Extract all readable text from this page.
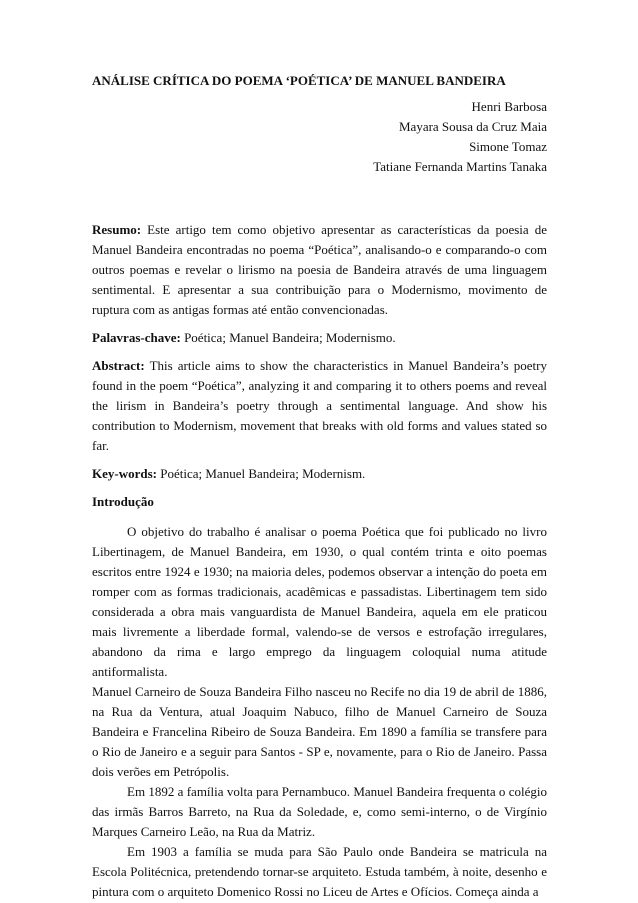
ANÁLISE CRÍTICA DO POEMA ‘POÉTICA’ DE MANUEL BANDEIRA
Henri Barbosa
Mayara Sousa da Cruz Maia
Simone Tomaz
Tatiane Fernanda Martins Tanaka

Resumo: Este artigo tem como objetivo apresentar as características da poesia de Manuel Bandeira encontradas no poema “Poética”, analisando-o e comparando-o com outros poemas e revelar o lirismo na poesia de Bandeira através de uma linguagem sentimental. E apresentar a sua contribuição para o Modernismo, movimento de ruptura com as antigas formas até então convencionadas.

Palavras-chave: Poética; Manuel Bandeira; Modernismo.

Abstract: This article aims to show the characteristics in Manuel Bandeira’s poetry found in the poem “Poética”, analyzing it and comparing it to others poems and reveal the lirism in Bandeira’s poetry through a sentimental language. And show his contribution to Modernism, movement that breaks with old forms and values stated so far.

Key-words: Poética; Manuel Bandeira; Modernism.

Introdução

O objetivo do trabalho é analisar o poema Poética que foi publicado no livro Libertinagem, de Manuel Bandeira, em 1930, o qual contém trinta e oito poemas escritos entre 1924 e 1930; na maioria deles, podemos observar a intenção do poeta em romper com as formas tradicionais, acadêmicas e passadistas. Libertinagem tem sido considerada a obra mais vanguardista de Manuel Bandeira, aquela em ele praticou mais livremente a liberdade formal, valendo-se de versos e estrofação irregulares, abandono da rima e largo emprego da linguagem coloquial numa atitude antiformalista.

Manuel Carneiro de Souza Bandeira Filho nasceu no Recife no dia 19 de abril de 1886, na Rua da Ventura, atual Joaquim Nabuco, filho de Manuel Carneiro de Souza Bandeira e Francelina Ribeiro de Souza Bandeira. Em 1890 a família se transfere para o Rio de Janeiro e a seguir para Santos - SP e, novamente, para o Rio de Janeiro. Passa dois verões em Petrópolis.

Em 1892 a família volta para Pernambuco. Manuel Bandeira frequenta o colégio das irmãs Barros Barreto, na Rua da Soledade, e, como semi-interno, o de Virgínio Marques Carneiro Leão, na Rua da Matriz.

Em 1903 a família se muda para São Paulo onde Bandeira se matricula na Escola Politécnica, pretendendo tornar-se arquiteto. Estuda também, à noite, desenho e pintura com o arquiteto Domenico Rossi no Liceu de Artes e Ofícios. Começa ainda a
